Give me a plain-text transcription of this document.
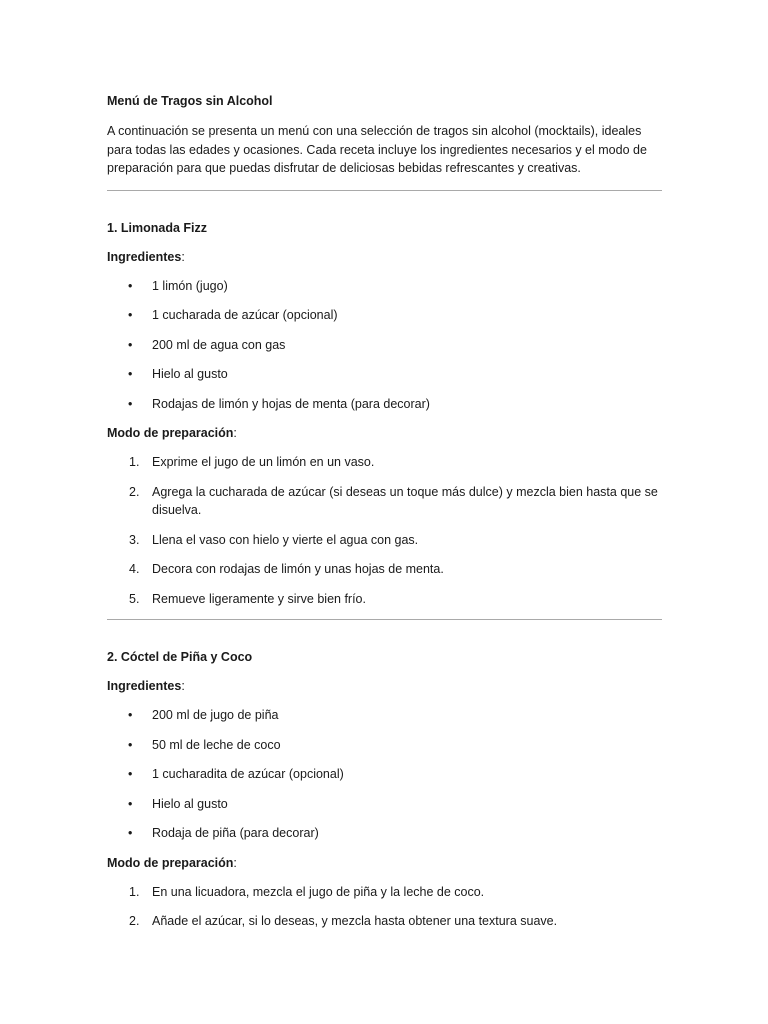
Menú de Tragos sin Alcohol

A continuación se presenta un menú con una selección de tragos sin alcohol (mocktails), ideales para todas las edades y ocasiones. Cada receta incluye los ingredientes necesarios y el modo de preparación para que puedas disfrutar de deliciosas bebidas refrescantes y creativas.

1. Limonada Fizz

Ingredientes:

• 1 limón (jugo)
• 1 cucharada de azúcar (opcional)
• 200 ml de agua con gas
• Hielo al gusto
• Rodajas de limón y hojas de menta (para decorar)

Modo de preparación:

1. Exprime el jugo de un limón en un vaso.
2. Agrega la cucharada de azúcar (si deseas un toque más dulce) y mezcla bien hasta que se disuelva.
3. Llena el vaso con hielo y vierte el agua con gas.
4. Decora con rodajas de limón y unas hojas de menta.
5. Remueve ligeramente y sirve bien frío.

2. Cóctel de Piña y Coco

Ingredientes:

• 200 ml de jugo de piña
• 50 ml de leche de coco
• 1 cucharadita de azúcar (opcional)
• Hielo al gusto
• Rodaja de piña (para decorar)

Modo de preparación:

1. En una licuadora, mezcla el jugo de piña y la leche de coco.
2. Añade el azúcar, si lo deseas, y mezcla hasta obtener una textura suave.
